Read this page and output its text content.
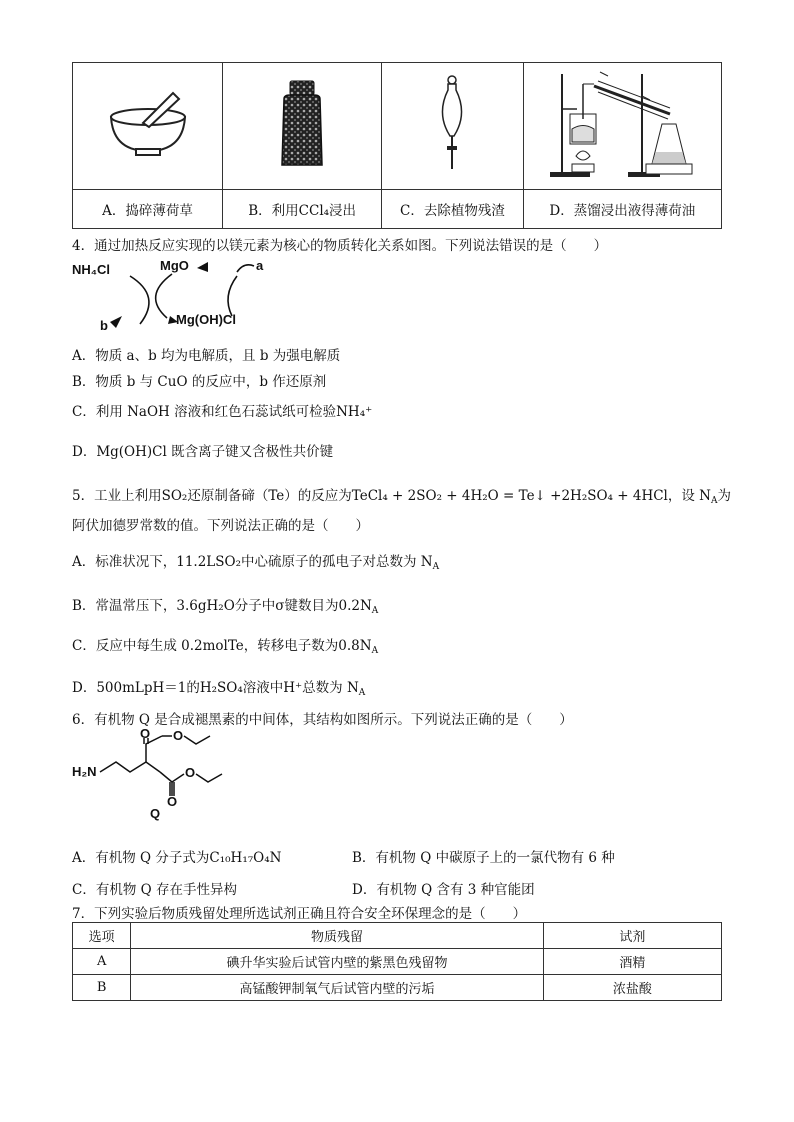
A．捣碎薄荷草	B．利用CCl₄浸出	C．去除植物残渣	D．蒸馏浸出液得薄荷油
4．通过加热反应实现的以镁元素为核心的物质转化关系如图。下列说法错误的是（　　）
NH₄Cl	MgO	a
b	Mg(OH)Cl
A．物质 a、b 均为电解质，且 b 为强电解质
B．物质 b 与 CuO 的反应中，b 作还原剂
C．利用 NaOH 溶液和红色石蕊试纸可检验NH₄⁺
D．Mg(OH)Cl 既含离子键又含极性共价键
5．工业上利用SO₂还原制备碲（Te）的反应为TeCl₄ + 2SO₂ + 4H₂O = Te↓ +2H₂SO₄ + 4HCl，设 $N_A$为
阿伏加德罗常数的值。下列说法正确的是（　　）
A．标准状况下，11.2LSO₂中心硫原子的孤电子对总数为 $N_A$
B．常温常压下，3.6gH₂O分子中σ键数目为$0.2N_A$
C．反应中每生成 0.2molTe，转移电子数为$0.8N_A$
D．500mLpH＝1的H₂SO₄溶液中H⁺总数为 $N_A$
6．有机物 Q 是合成褪黑素的中间体，其结构如图所示。下列说法正确的是（　　）
H₂N
O O
O
O
Q
A．有机物 Q 分子式为C₁₀H₁₇O₄N	B．有机物 Q 中碳原子上的一氯代物有 6 种
C．有机物 Q 存在手性异构	D．有机物 Q 含有 3 种官能团
7．下列实验后物质残留处理所选试剂正确且符合安全环保理念的是（　　）
选项	物质残留	试剂
A	碘升华实验后试管内壁的紫黑色残留物	酒精
B	高锰酸钾制氧气后试管内壁的污垢	浓盐酸
